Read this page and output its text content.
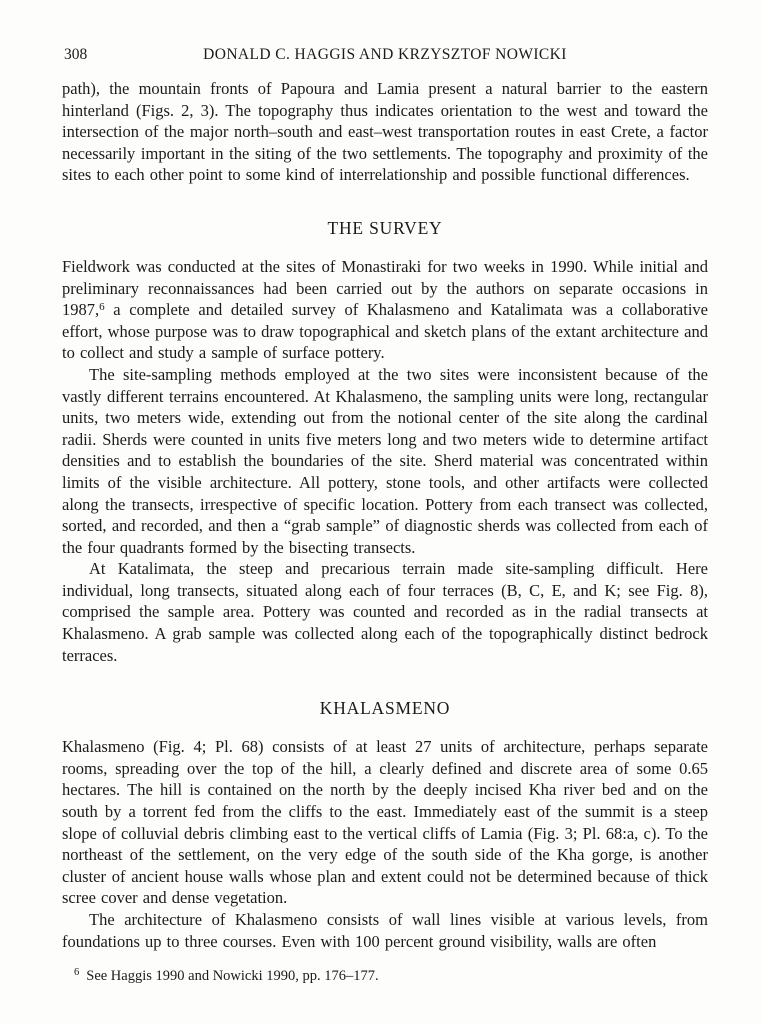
308	DONALD C. HAGGIS AND KRZYSZTOF NOWICKI

path), the mountain fronts of Papoura and Lamia present a natural barrier to the eastern hinterland (Figs. 2, 3). The topography thus indicates orientation to the west and toward the intersection of the major north–south and east–west transportation routes in east Crete, a factor necessarily important in the siting of the two settlements. The topography and proximity of the sites to each other point to some kind of interrelationship and possible functional differences.

THE SURVEY

Fieldwork was conducted at the sites of Monastiraki for two weeks in 1990. While initial and preliminary reconnaissances had been carried out by the authors on separate occasions in 1987,$^6$ a complete and detailed survey of Khalasmeno and Katalimata was a collaborative effort, whose purpose was to draw topographical and sketch plans of the extant architecture and to collect and study a sample of surface pottery.

The site-sampling methods employed at the two sites were inconsistent because of the vastly different terrains encountered. At Khalasmeno, the sampling units were long, rectangular units, two meters wide, extending out from the notional center of the site along the cardinal radii. Sherds were counted in units five meters long and two meters wide to determine artifact densities and to establish the boundaries of the site. Sherd material was concentrated within limits of the visible architecture. All pottery, stone tools, and other artifacts were collected along the transects, irrespective of specific location. Pottery from each transect was collected, sorted, and recorded, and then a “grab sample” of diagnostic sherds was collected from each of the four quadrants formed by the bisecting transects.

At Katalimata, the steep and precarious terrain made site-sampling difficult. Here individual, long transects, situated along each of four terraces (B, C, E, and K; see Fig. 8), comprised the sample area. Pottery was counted and recorded as in the radial transects at Khalasmeno. A grab sample was collected along each of the topographically distinct bedrock terraces.

KHALASMENO

Khalasmeno (Fig. 4; Pl. 68) consists of at least 27 units of architecture, perhaps separate rooms, spreading over the top of the hill, a clearly defined and discrete area of some 0.65 hectares. The hill is contained on the north by the deeply incised Kha river bed and on the south by a torrent fed from the cliffs to the east. Immediately east of the summit is a steep slope of colluvial debris climbing east to the vertical cliffs of Lamia (Fig. 3; Pl. 68:a, c). To the northeast of the settlement, on the very edge of the south side of the Kha gorge, is another cluster of ancient house walls whose plan and extent could not be determined because of thick scree cover and dense vegetation.

The architecture of Khalasmeno consists of wall lines visible at various levels, from foundations up to three courses. Even with 100 percent ground visibility, walls are often

$^6$ See Haggis 1990 and Nowicki 1990, pp. 176–177.
